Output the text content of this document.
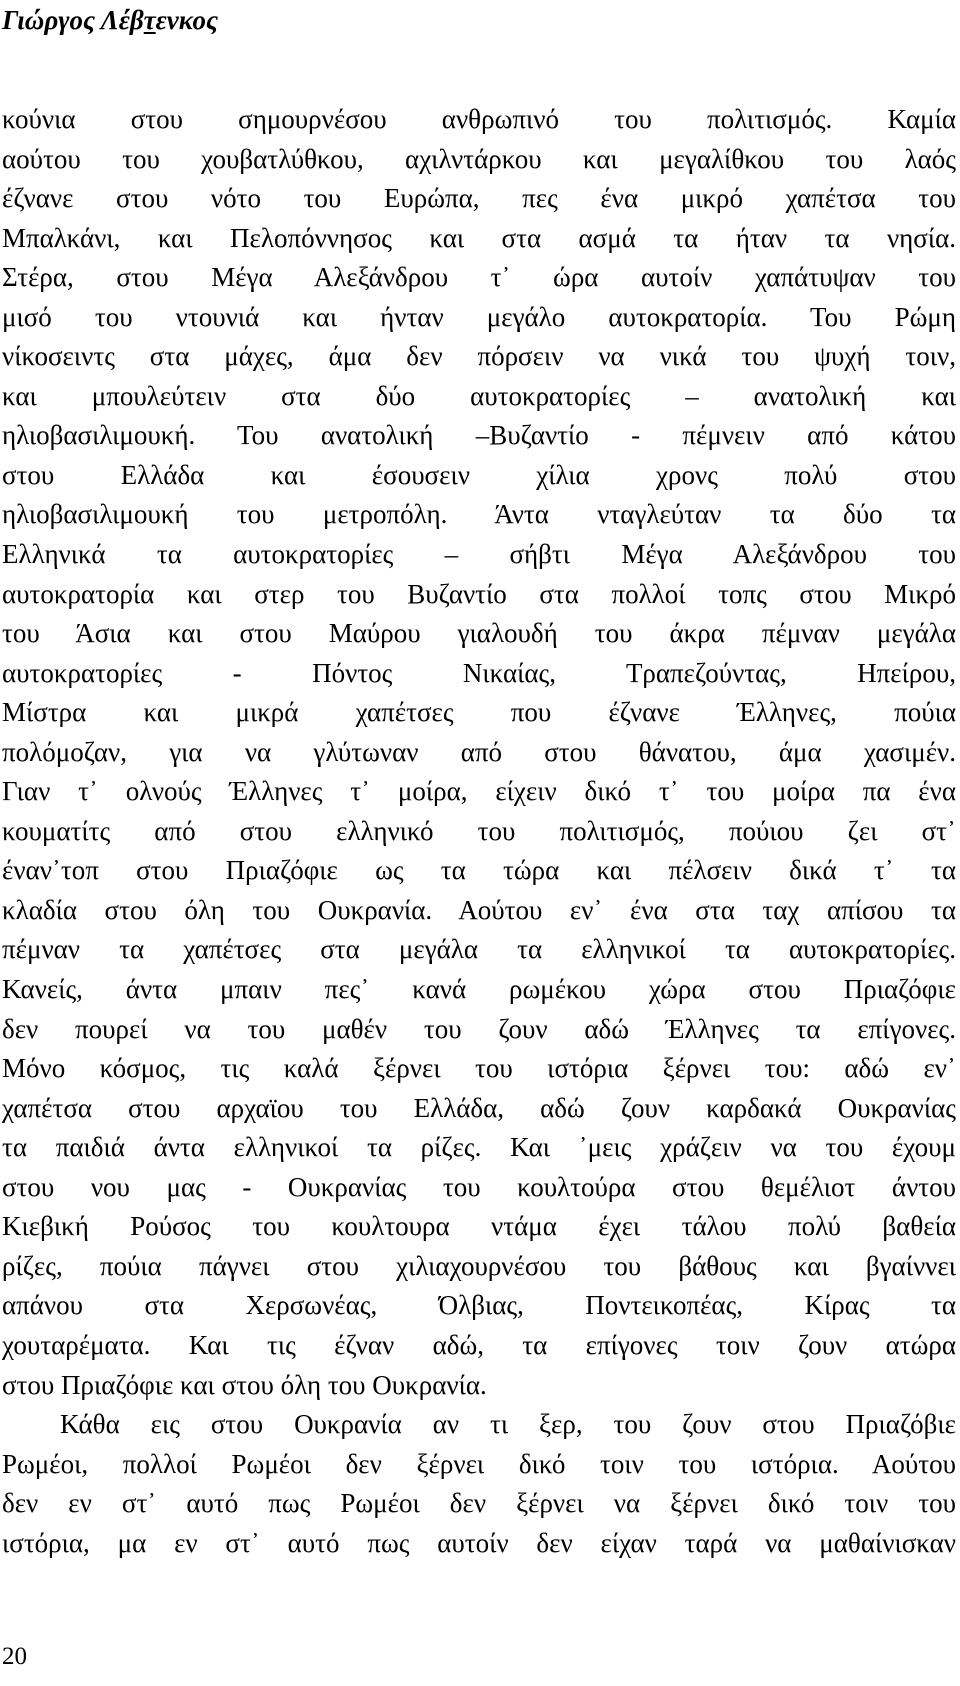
Γιώργος Λέβτενκος
κούνια στου σημουρνέσου ανθρωπινό του πολιτισμός. Καμία
αούτου του χουβατλύθκου, αχιλντάρκου και μεγαλίθκου του λαός
έζνανε στου νότο του Ευρώπα, πες ένα μικρό χαπέτσα του
Μπαλκάνι, και Πελοπόννησος και στα ασμά τα ήταν τα νησία.
Στέρα, στου Μέγα Αλεξάνδρου τ᾽ ώρα αυτοίν χαπάτυψαν του
μισό του ντουνιά και ήνταν μεγάλο αυτοκρατορία. Του Ρώμη
νίκοσειντς στα μάχες, άμα δεν πόρσειν να νικά του ψυχή τοιν,
και μπουλεύτειν στα δύο αυτοκρατορίες – ανατολική και
ηλιοβασιλιμουκή. Του ανατολική –Βυζαντίο - πέμνειν από κάτου
στου Ελλάδα και έσουσειν χίλια χρονς πολύ στου
ηλιοβασιλιμουκή του μετροπόλη. Άντα νταγλεύταν τα δύο τα
Ελληνικά τα αυτοκρατορίες – σήβτι Μέγα Αλεξάνδρου του
αυτοκρατορία και στερ του Βυζαντίο στα πολλοί τοπς στου Μικρό
του Άσια και στου Μαύρου γιαλουδή του άκρα πέμναν μεγάλα
αυτοκρατορίες - Πόντος Νικαίας, Τραπεζούντας, Ηπείρου,
Μίστρα και μικρά χαπέτσες που έζνανε Έλληνες, πούια
πολόμοζαν, για να γλύτωναν από στου θάνατου, άμα χασιμέν.
Γιαν τ᾽ ολνούς Έλληνες τ᾽ μοίρα, είχειν δικό τ᾽ του μοίρα πα ένα
κουματίτς από στου ελληνικό του πολιτισμός, πούιου ζει στ᾽
έναν᾽τοπ στου Πριαζόφιε ως τα τώρα και πέλσειν δικά τ᾽ τα
κλαδία στου όλη του Ουκρανία. Αούτου εν᾽ ένα στα ταχ απίσου τα
πέμναν τα χαπέτσες στα μεγάλα τα ελληνικοί τα αυτοκρατορίες.
Κανείς, άντα μπαιν πες᾽ κανά ρωμέκου χώρα στου Πριαζόφιε
δεν πουρεί να του μαθέν του ζουν αδώ Έλληνες τα επίγονες.
Μόνο κόσμος, τις καλά ξέρνει του ιστόρια ξέρνει του: αδώ εν᾽
χαπέτσα στου αρχαϊου του Ελλάδα, αδώ ζουν καρδακά Ουκρανίας
τα παιδιά άντα ελληνικοί τα ρίζες. Και ᾽μεις χράζειν να του έχουμ
στου νου μας - Ουκρανίας του κουλτούρα στου θεμέλιοτ άντου
Κιεβική Ρούσος του κουλτουρα ντάμα έχει τάλου πολύ βαθεία
ρίζες, πούια πάγνει στου χιλιαχουρνέσου του βάθους και βγαίννει
απάνου στα Χερσωνέας, Όλβιας, Ποντεικοπέας, Κίρας τα
χουταρέματα. Και τις έζναν αδώ, τα επίγονες τοιν ζουν ατώρα
στου Πριαζόφιε και στου όλη του Ουκρανία.
Κάθα εις στου Ουκρανία αν τι ξερ, του ζουν στου Πριαζόβιε
Ρωμέοι, πολλοί Ρωμέοι δεν ξέρνει δικό τοιν του ιστόρια. Αούτου
δεν εν στ᾽ αυτό πως Ρωμέοι δεν ξέρνει να ξέρνει δικό τοιν του
ιστόρια, μα εν στ᾽ αυτό πως αυτοίν δεν είχαν ταρά να μαθαίνισκαν
20
